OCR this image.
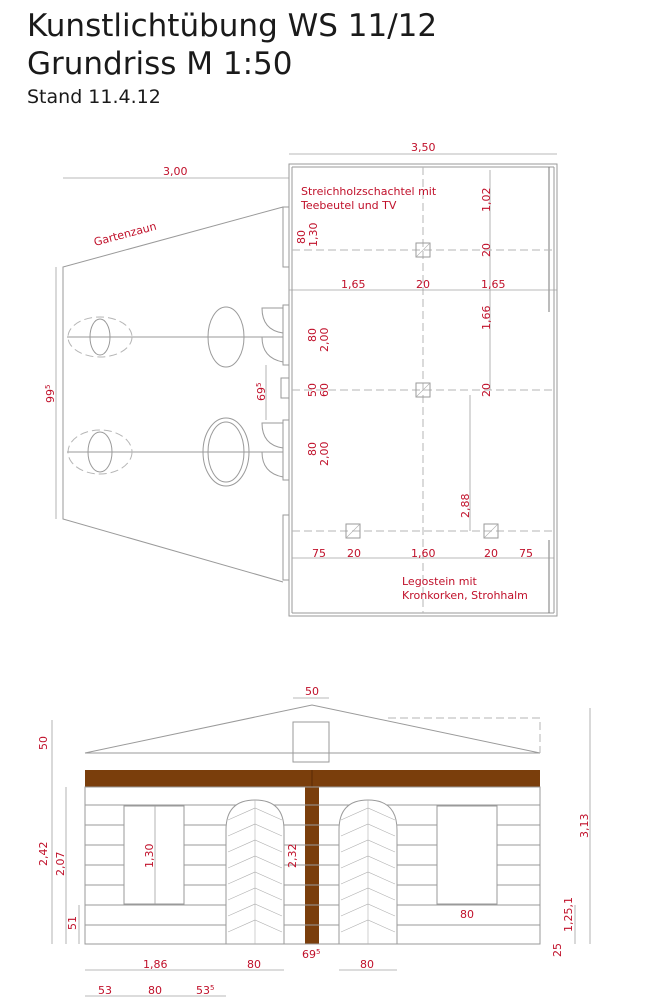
Kunstlichtübung WS 11/12
Grundriss M 1:50
Stand 11.4.12
Gartenzaun
Streichholzschachtel mit
Teebeutel und TV
Legostein mit
Kronkorken, Strohhalm
3,50
3,00
1,02
80 1,30
20
1,65	20	1,65
80 2,00
1,66
$99^5$
$69^5$	50 60	20
80 2,00
2,88
75 20	1,60	20 75
50
50
2,42 2,07
51
1,30	2,32
3,13
80	1,25,1
25
1,86	80
$69^5$
80
53	80	$53^5$
